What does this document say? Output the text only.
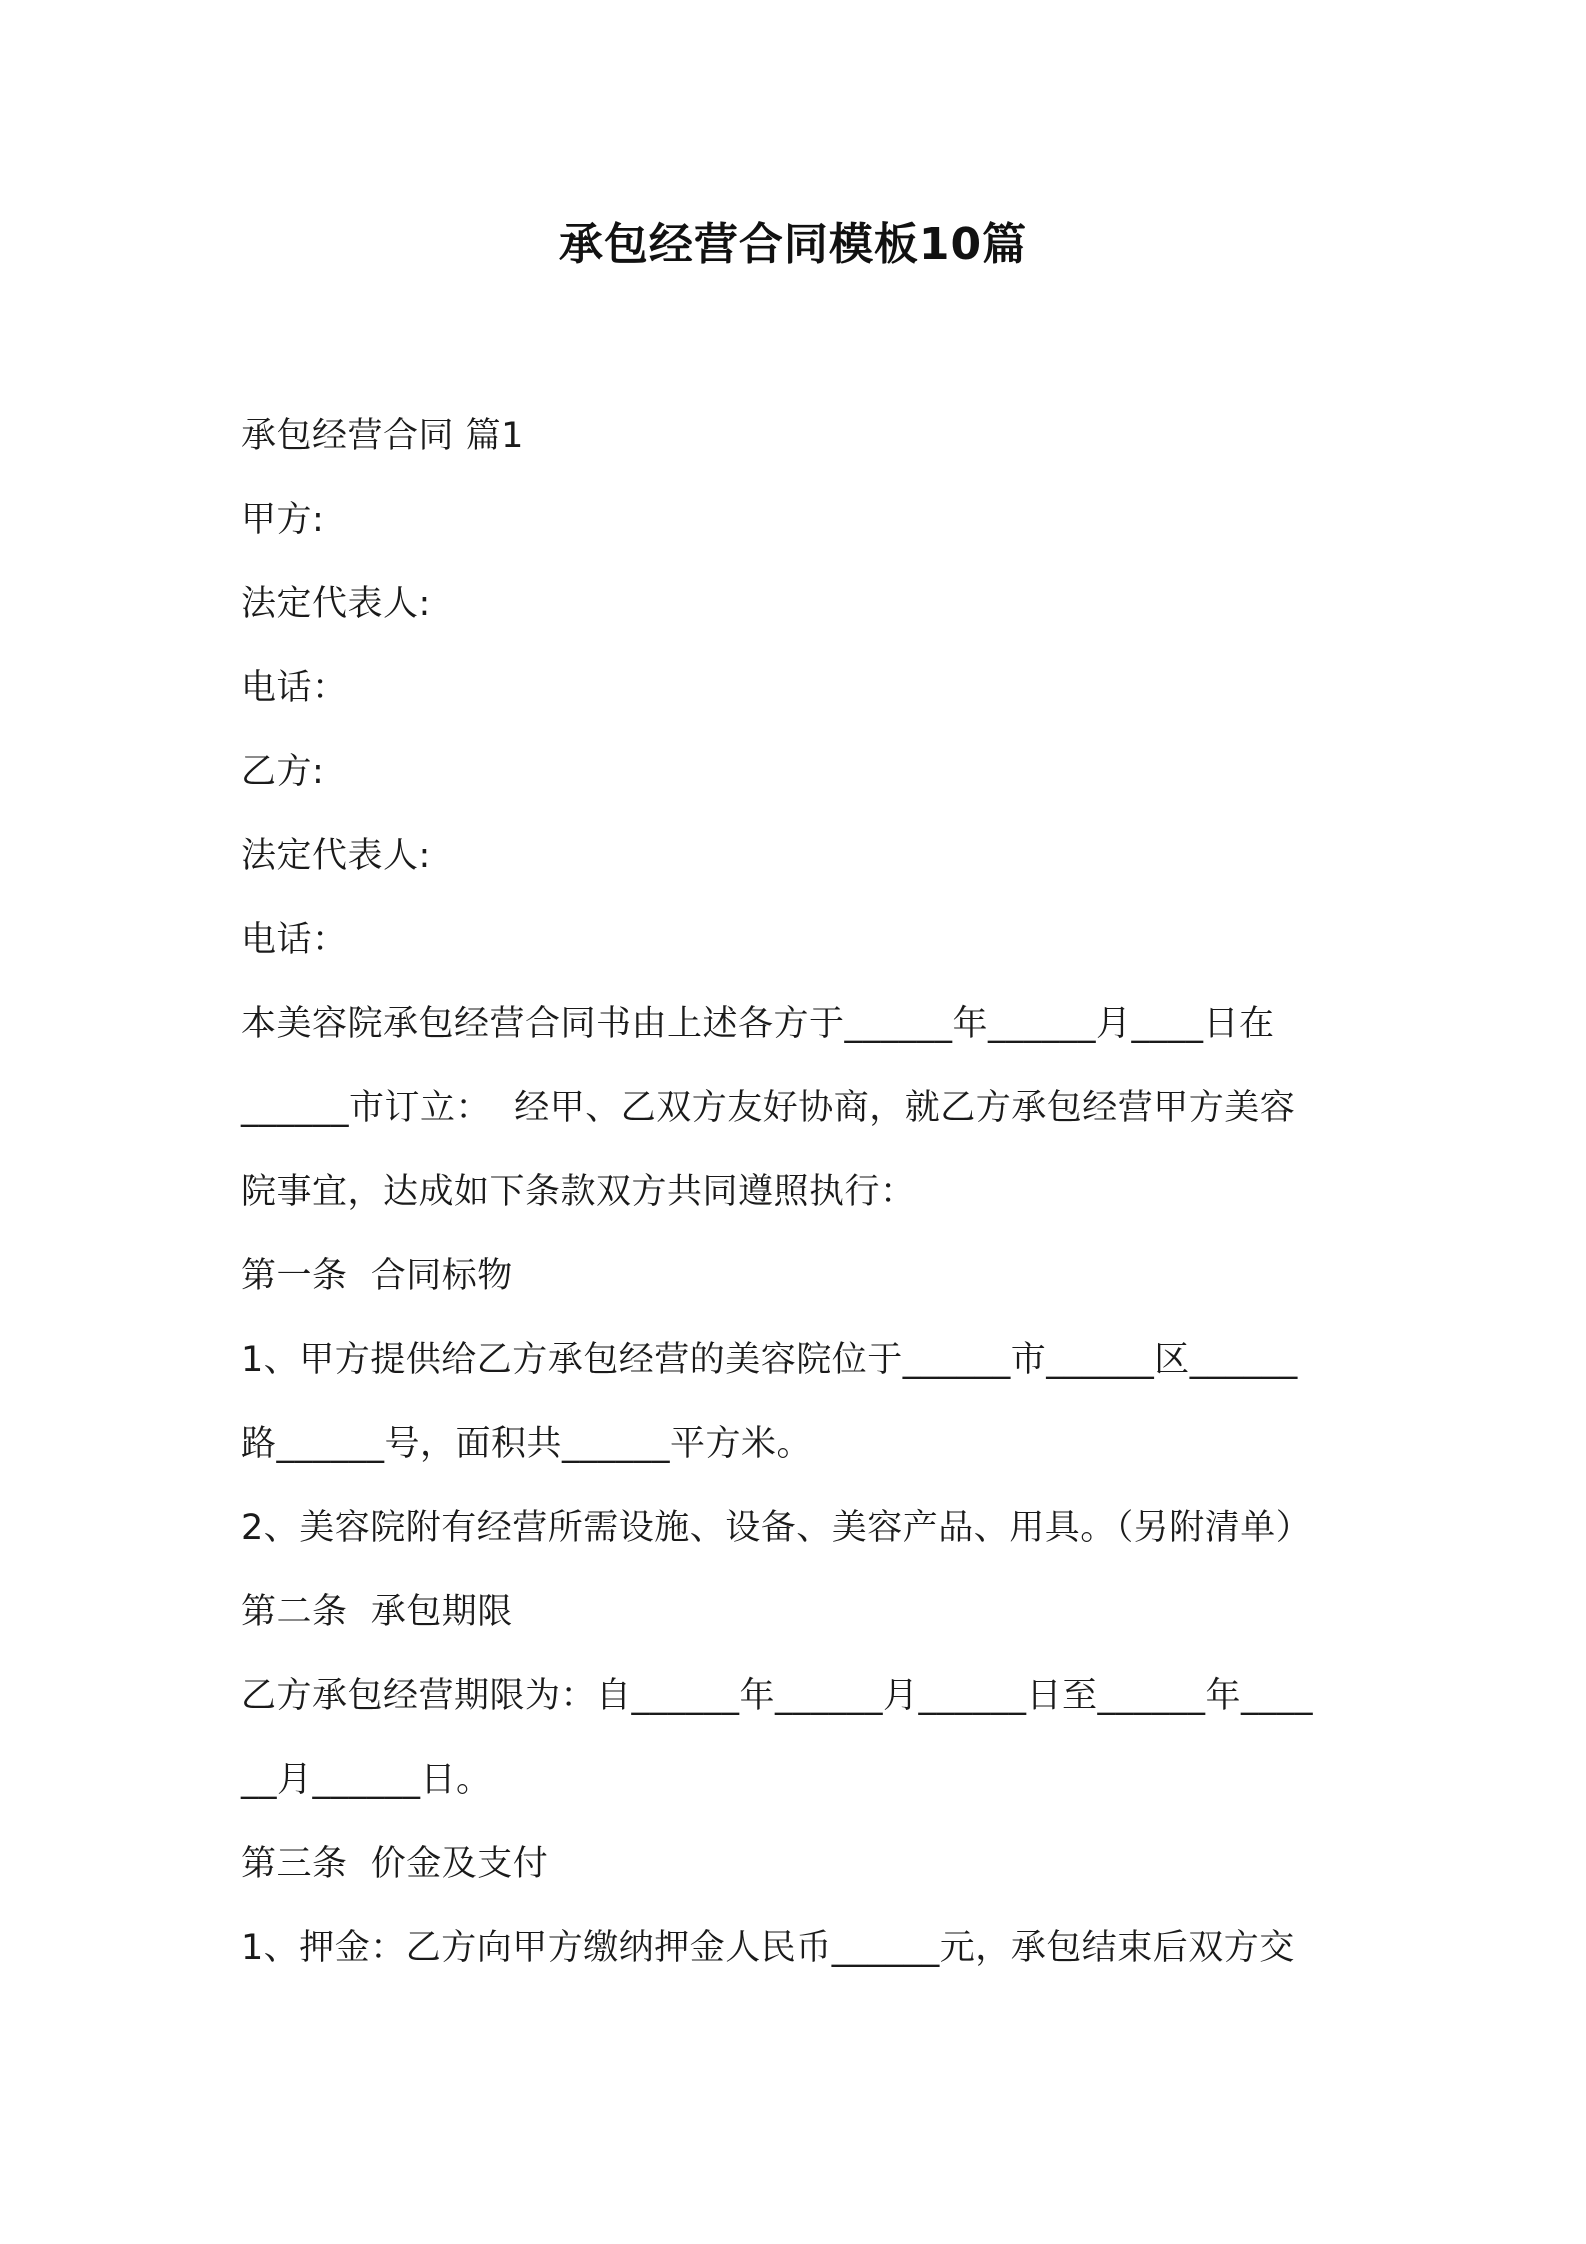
承包经营合同模板10篇
承包经营合同 篇1
甲方:
法定代表人:
电话：
乙方:
法定代表人:
电话：
本美容院承包经营合同书由上述各方于______年______月____日在
______市订立：  经甲、乙双方友好协商，就乙方承包经营甲方美容
院事宜，达成如下条款双方共同遵照执行：
第一条  合同标物
1、甲方提供给乙方承包经营的美容院位于______市______区______
路______号，面积共______平方米。
2、美容院附有经营所需设施、设备、美容产品、用具。（另附清单）
第二条  承包期限
乙方承包经营期限为：自______年______月______日至______年____
__月______日。
第三条  价金及支付
1、押金：乙方向甲方缴纳押金人民币______元，承包结束后双方交
